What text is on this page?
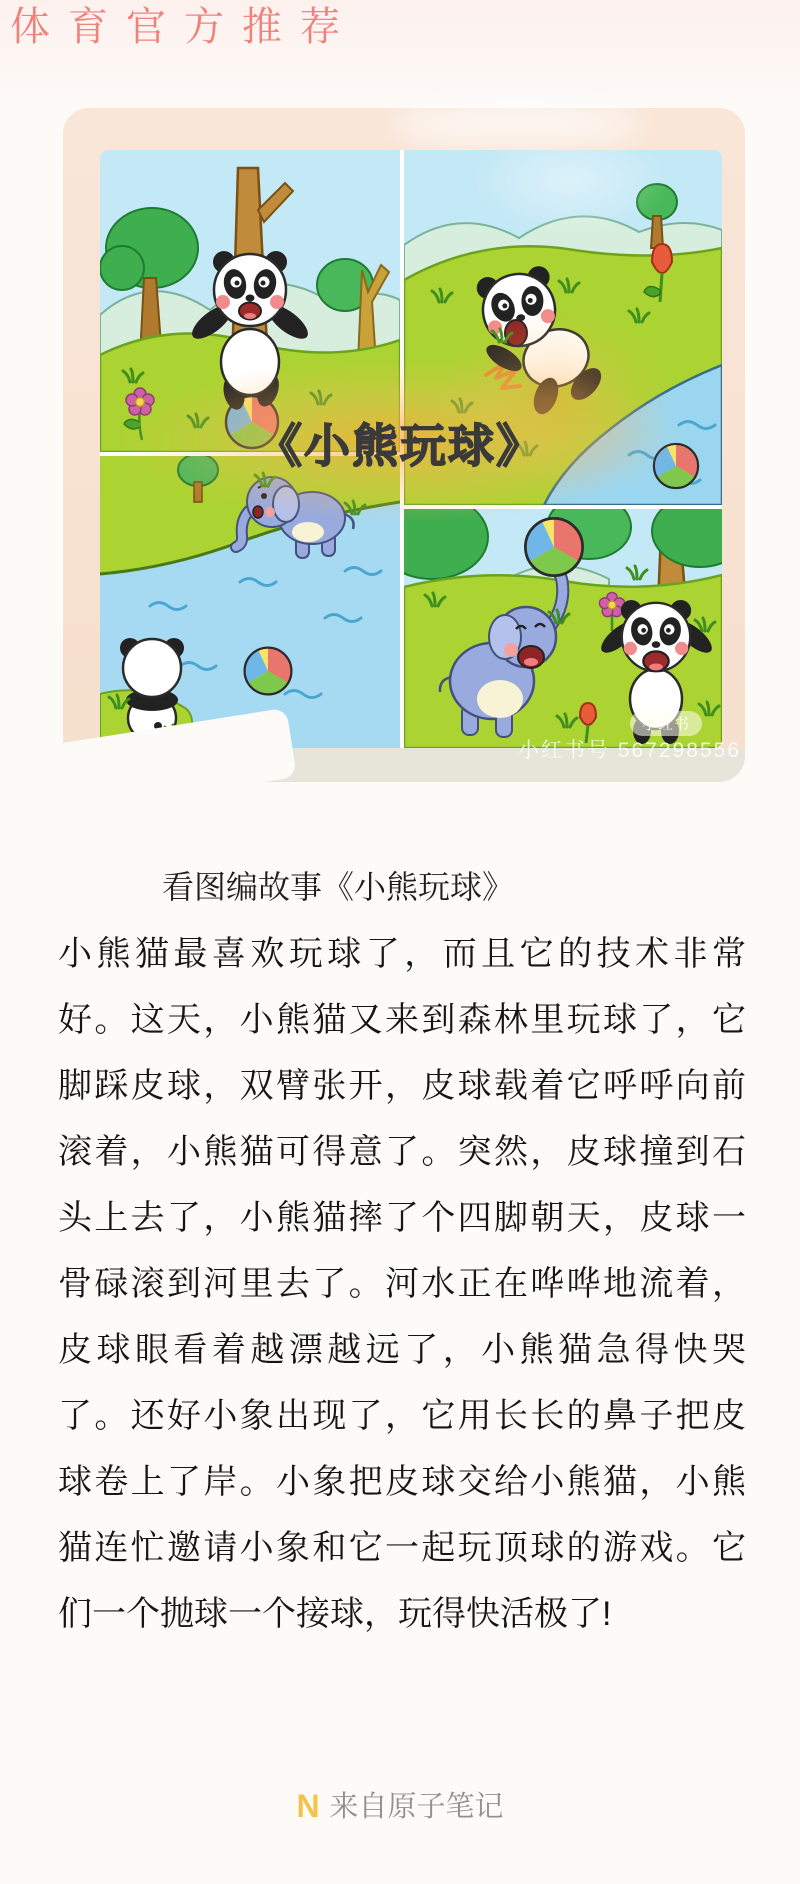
体育官方推荐
《小熊玩球》
小红书
小红书号 567298556
看图编故事《小熊玩球》

小熊猫最喜欢玩球了，而且它的技术非常

好。这天，小熊猫又来到森林里玩球了，它

脚踩皮球，双臂张开，皮球载着它呼呼向前

滚着，小熊猫可得意了。突然，皮球撞到石

头上去了，小熊猫摔了个四脚朝天，皮球一

骨碌滚到河里去了。河水正在哗哗地流着，

皮球眼看着越漂越远了，小熊猫急得快哭

了。还好小象出现了，它用长长的鼻子把皮

球卷上了岸。小象把皮球交给小熊猫，小熊

猫连忙邀请小象和它一起玩顶球的游戏。它

们一个抛球一个接球，玩得快活极了!

N 来自原子笔记
